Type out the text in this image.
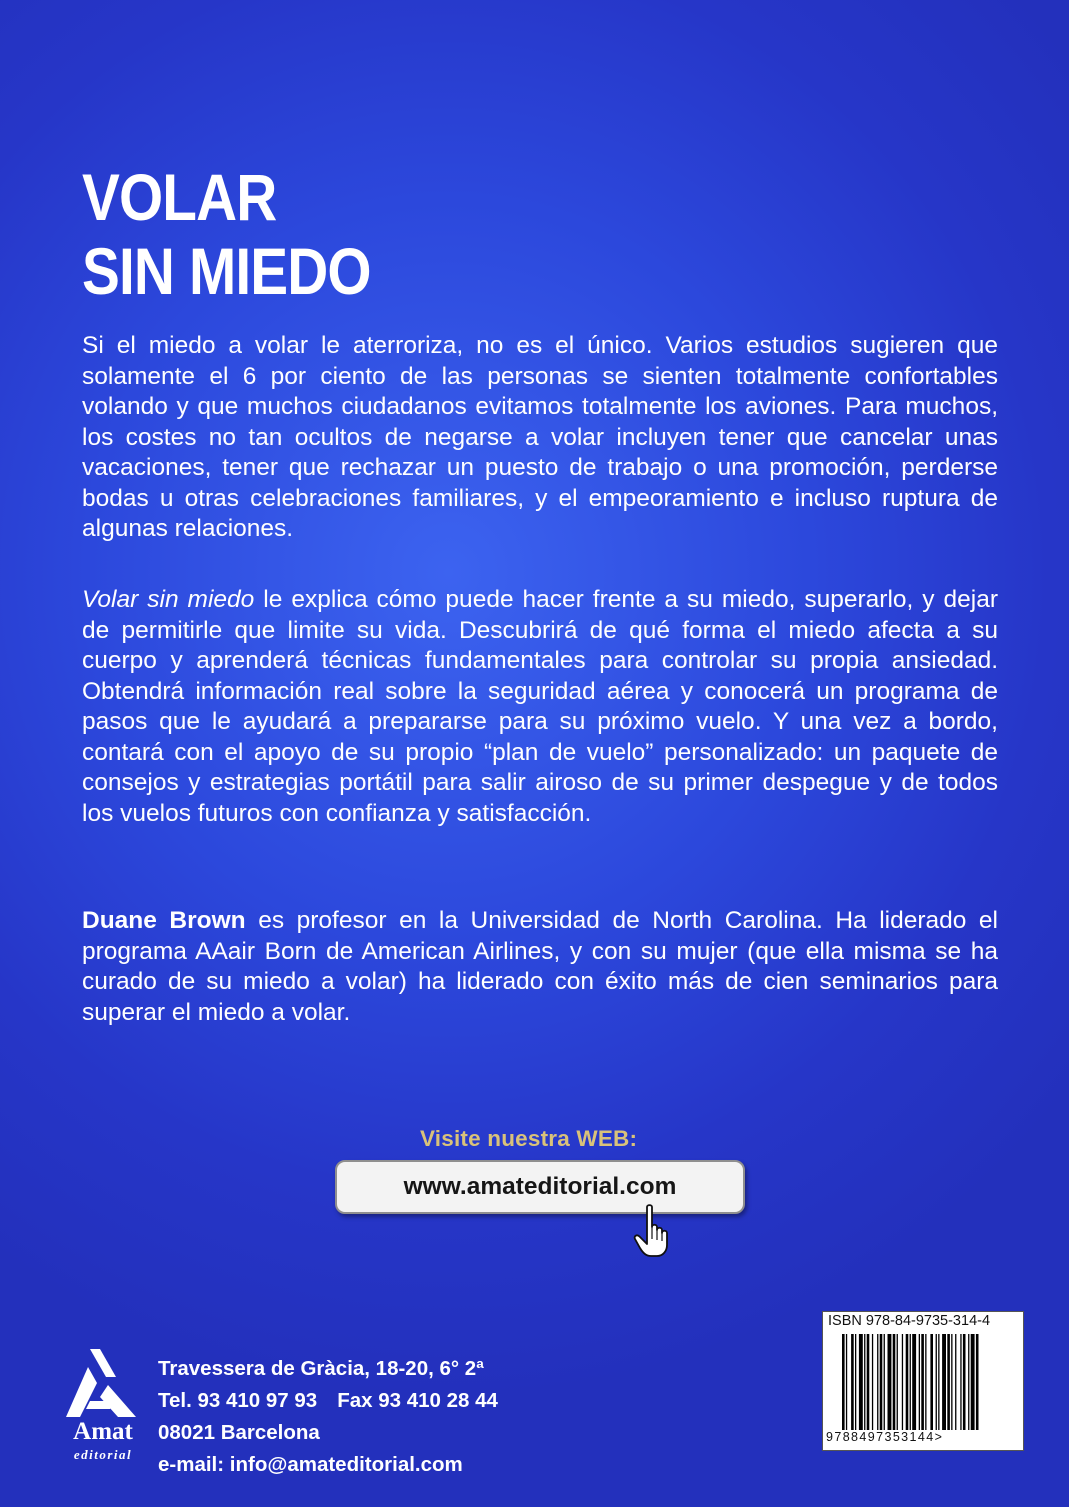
VOLAR
SIN MIEDO

Si el miedo a volar le aterroriza, no es el único. Varios estudios sugieren que solamente el 6 por ciento de las personas se sienten totalmente confortables volando y que muchos ciudadanos evitamos totalmente los aviones. Para muchos, los costes no tan ocultos de negarse a volar incluyen tener que cancelar unas vacaciones, tener que rechazar un puesto de trabajo o una promoción, perderse bodas u otras celebraciones familiares, y el empeoramiento e incluso ruptura de algunas relaciones.

Volar sin miedo le explica cómo puede hacer frente a su miedo, superarlo, y dejar de permitirle que limite su vida. Descubrirá de qué forma el miedo afecta a su cuerpo y aprenderá técnicas fundamentales para controlar su propia ansiedad. Obtendrá información real sobre la seguridad aérea y conocerá un programa de pasos que le ayudará a prepararse para su próximo vuelo. Y una vez a bordo, contará con el apoyo de su propio “plan de vuelo” personalizado: un paquete de consejos y estrategias portátil para salir airoso de su primer despegue y de todos los vuelos futuros con confianza y satisfacción.

Duane Brown es profesor en la Universidad de North Carolina. Ha liderado el programa AAair Born de American Airlines, y con su mujer (que ella misma se ha curado de su miedo a volar) ha liderado con éxito más de cien seminarios para superar el miedo a volar.

Visite nuestra WEB:
www.amateditorial.com
Amat
editorial
Travessera de Gràcia, 18-20, 6° 2ª
Tel. 93 410 97 93 Fax 93 410 28 44
08021 Barcelona
e-mail: info@amateditorial.com
ISBN 978-84-9735-314-4
9788497353144>
